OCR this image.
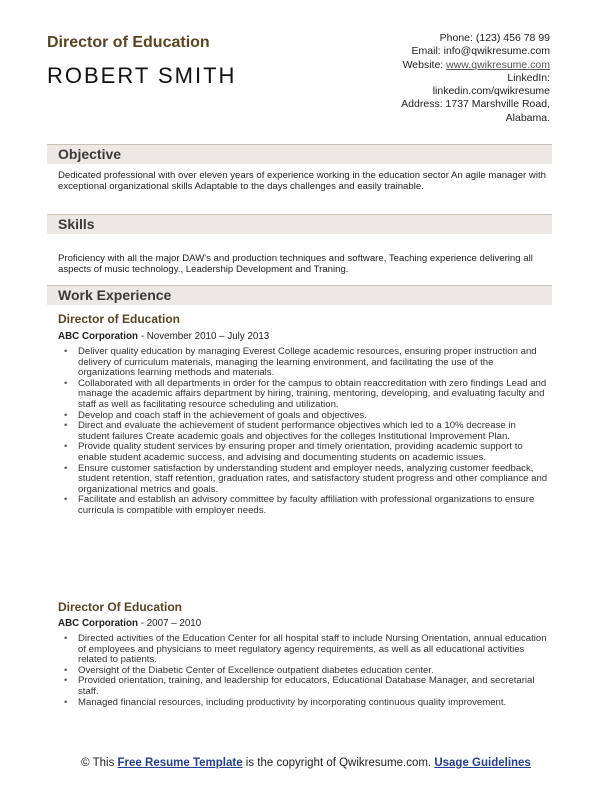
Director of Education
ROBERT SMITH
Phone: (123) 456 78 99
Email: info@qwikresume.com
Website: www.qwikresume.com
LinkedIn:
linkedin.com/qwikresume
Address: 1737 Marshville Road,
Alabama.
Objective
Dedicated professional with over eleven years of experience working in the education sector An agile manager with exceptional organizational skills Adaptable to the days challenges and easily trainable.
Skills
Proficiency with all the major DAW's and production techniques and software, Teaching experience delivering all aspects of music technology., Leadership Development and Traning.
Work Experience
Director of Education
ABC Corporation - November 2010 – July 2013
• Deliver quality education by managing Everest College academic resources, ensuring proper instruction and delivery of curriculum materials, managing the learning environment, and facilitating the use of the organizations learning methods and materials.
• Collaborated with all departments in order for the campus to obtain reaccreditation with zero findings Lead and manage the academic affairs department by hiring, training, mentoring, developing, and evaluating faculty and staff as well as facilitating resource scheduling and utilization.
• Develop and coach staff in the achievement of goals and objectives.
• Direct and evaluate the achievement of student performance objectives which led to a 10% decrease in student failures Create academic goals and objectives for the colleges Institutional Improvement Plan.
• Provide quality student services by ensuring proper and timely orientation, providing academic support to enable student academic success, and advising and documenting students on academic issues.
• Ensure customer satisfaction by understanding student and employer needs, analyzing customer feedback, student retention, staff retention, graduation rates, and satisfactory student progress and other compliance and organizational metrics and goals.
• Facilitate and establish an advisory committee by faculty affiliation with professional organizations to ensure curricula is compatible with employer needs.
Director Of Education
ABC Corporation - 2007 – 2010
• Directed activities of the Education Center for all hospital staff to include Nursing Orientation, annual education of employees and physicians to meet regulatory agency requirements, as well as all educational activities related to patients.
• Oversight of the Diabetic Center of Excellence outpatient diabetes education center.
• Provided orientation, training, and leadership for educators, Educational Database Manager, and secretarial staff.
• Managed financial resources, including productivity by incorporating continuous quality improvement.
© This Free Resume Template is the copyright of Qwikresume.com. Usage Guidelines
